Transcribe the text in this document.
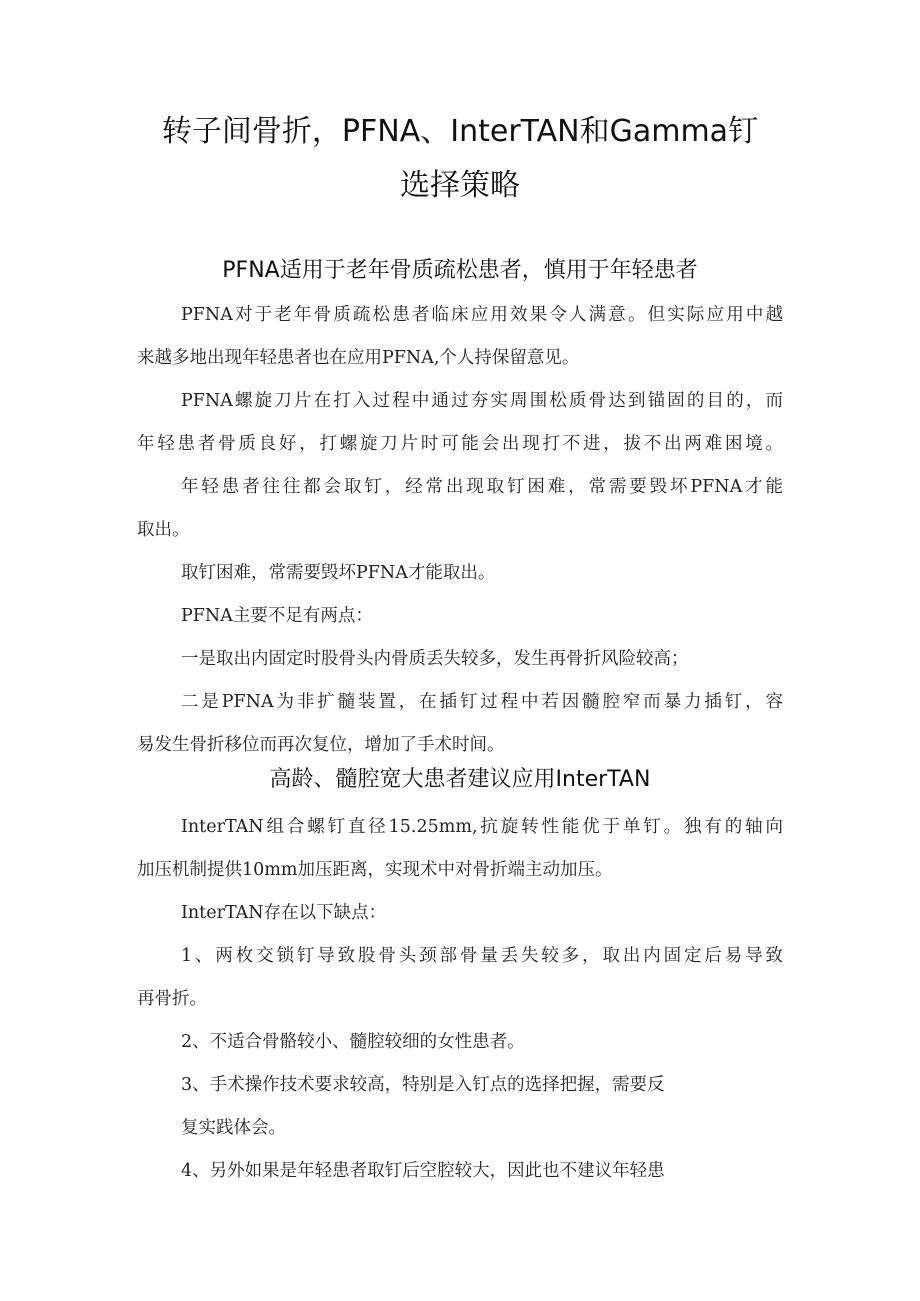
转子间骨折，PFNA、InterTAN和Gamma钉
选择策略
PFNA适用于老年骨质疏松患者，慎用于年轻患者
PFNA对于老年骨质疏松患者临床应用效果令人满意。但实际应用中越
来越多地出现年轻患者也在应用PFNA,个人持保留意见。
PFNA螺旋刀片在打入过程中通过夯实周围松质骨达到锚固的目的，而
年轻患者骨质良好，打螺旋刀片时可能会出现打不进，拔不出两难困境。
年轻患者往往都会取钉，经常出现取钉困难，常需要毁坏PFNA才能
取出。
取钉困难，常需要毁坏PFNA才能取出。
PFNA主要不足有两点：
一是取出内固定时股骨头内骨质丢失较多，发生再骨折风险较高；
二是PFNA为非扩髓装置，在插钉过程中若因髓腔窄而暴力插钉，容
易发生骨折移位而再次复位，增加了手术时间。
高龄、髓腔宽大患者建议应用InterTAN
InterTAN组合螺钉直径15.25mm,抗旋转性能优于单钉。独有的轴向
加压机制提供10mm加压距离，实现术中对骨折端主动加压。
InterTAN存在以下缺点：
1、两枚交锁钉导致股骨头颈部骨量丢失较多，取出内固定后易导致
再骨折。
2、不适合骨骼较小、髓腔较细的女性患者。
3、手术操作技术要求较高，特别是入钉点的选择把握，需要反
复实践体会。
4、另外如果是年轻患者取钉后空腔较大，因此也不建议年轻患
